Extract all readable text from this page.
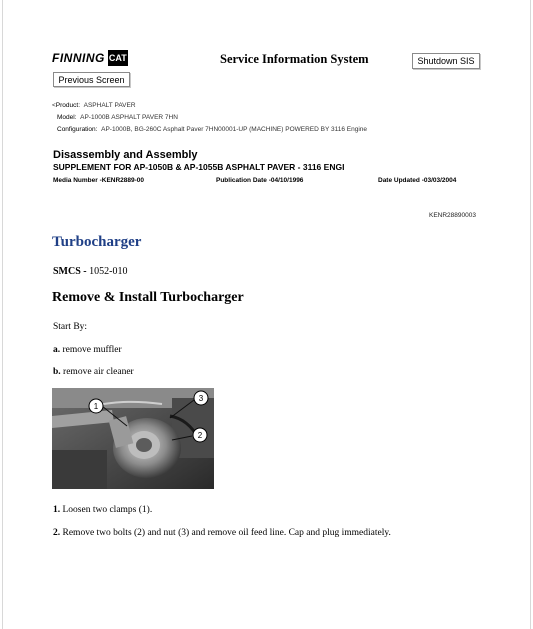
FINNING CAT	Service Information System	Shutdown SIS
Previous Screen
<Product: ASPHALT PAVER
Model: AP-1000B ASPHALT PAVER 7HN
Configuration: AP-1000B, BG-260C Asphalt Paver 7HN00001-UP (MACHINE) POWERED BY 3116 Engine
Disassembly and Assembly
SUPPLEMENT FOR AP-1050B & AP-1055B ASPHALT PAVER - 3116 ENGI
Media Number -KENR2889-00	Publication Date -04/10/1996	Date Updated -03/03/2004
KENR28890003
Turbocharger
SMCS - 1052-010
Remove & Install Turbocharger
Start By:
a. remove muffler
b. remove air cleaner
1
3
2
1. Loosen two clamps (1).
2. Remove two bolts (2) and nut (3) and remove oil feed line. Cap and plug immediately.
